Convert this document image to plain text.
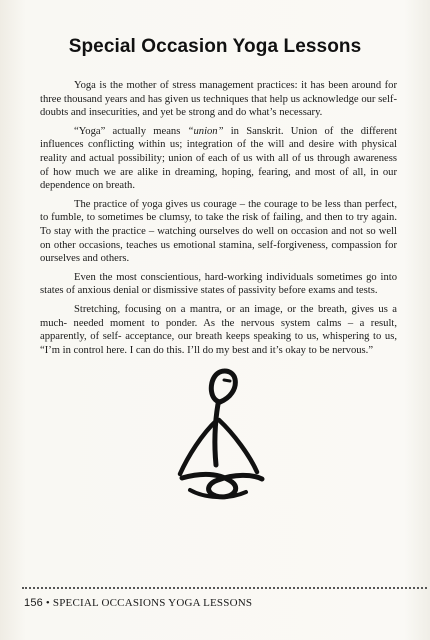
Special Occasion Yoga Lessons

Yoga is the mother of stress management practices: it has been around for three thousand years and has given us techniques that help us acknowledge our self-doubts and insecurities, and yet be strong and do what’s necessary.

“Yoga” actually means “union” in Sanskrit. Union of the different influences conflicting within us; integration of the will and desire with physical reality and actual possibility; union of each of us with all of us through awareness of how much we are alike in dreaming, hoping, fearing, and most of all, in our dependence on breath.

The practice of yoga gives us courage – the courage to be less than perfect, to fumble, to sometimes be clumsy, to take the risk of failing, and then to try again. To stay with the practice – watching ourselves do well on occasion and not so well on other occasions, teaches us emotional stamina, self-forgiveness, compassion for ourselves and others.

Even the most conscientious, hard-working individuals sometimes go into states of anxious denial or dismissive states of passivity before exams and tests.

Stretching, focusing on a mantra, or an image, or the breath, gives us a much- needed moment to ponder. As the nervous system calms – a result, apparently, of self- acceptance, our breath keeps speaking to us, whispering to us, “I’m in control here. I can do this. I’ll do my best and it’s okay to be nervous.”

156 • SPECIAL OCCASIONS YOGA LESSONS
